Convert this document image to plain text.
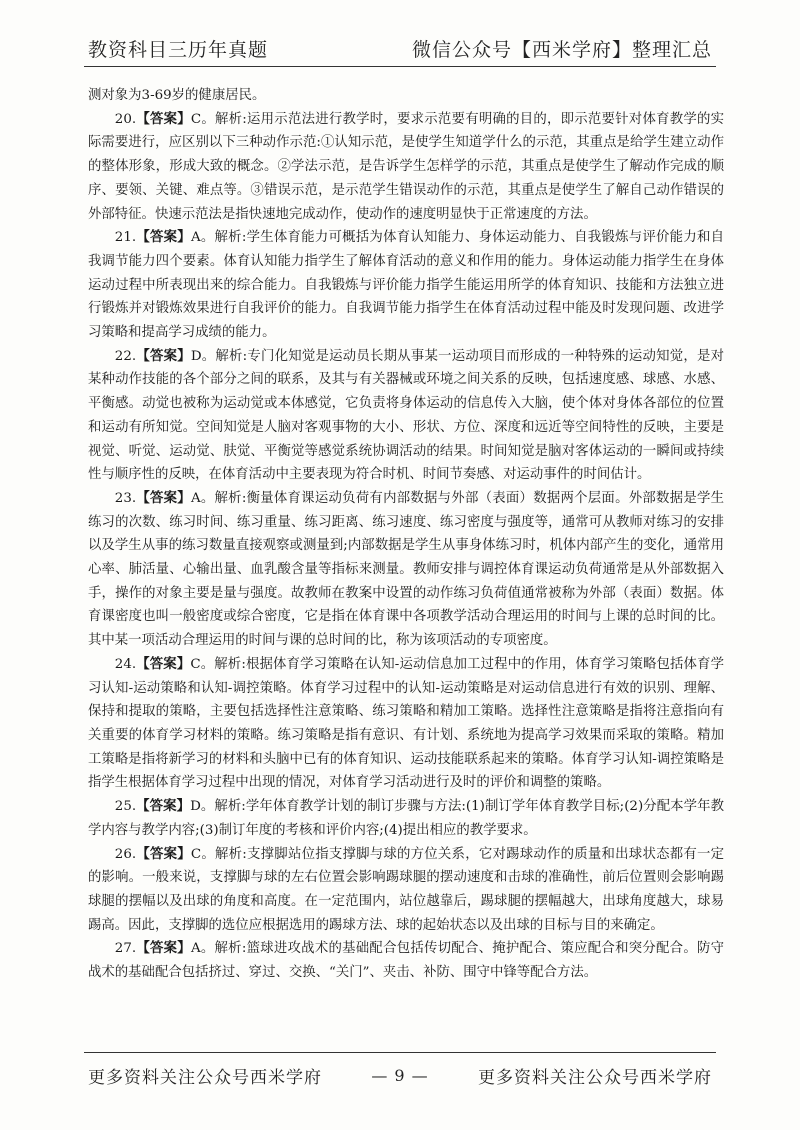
教资科目三历年真题	微信公众号【西米学府】整理汇总

测对象为3-69岁的健康居民。

20.【答案】C。解析:运用示范法进行教学时，要求示范要有明确的目的，即示范要针对体育教学的实际需要进行，应区别以下三种动作示范:①认知示范，是使学生知道学什么的示范，其重点是给学生建立动作的整体形象，形成大致的概念。②学法示范，是告诉学生怎样学的示范，其重点是使学生了解动作完成的顺序、要领、关键、难点等。③错误示范，是示范学生错误动作的示范，其重点是使学生了解自己动作错误的外部特征。快速示范法是指快速地完成动作，使动作的速度明显快于正常速度的方法。

21.【答案】A。解析:学生体育能力可概括为体育认知能力、身体运动能力、自我锻炼与评价能力和自我调节能力四个要素。体育认知能力指学生了解体育活动的意义和作用的能力。身体运动能力指学生在身体运动过程中所表现出来的综合能力。自我锻炼与评价能力指学生能运用所学的体育知识、技能和方法独立进行锻炼并对锻炼效果进行自我评价的能力。自我调节能力指学生在体育活动过程中能及时发现问题、改进学习策略和提高学习成绩的能力。

22.【答案】D。解析:专门化知觉是运动员长期从事某一运动项目而形成的一种特殊的运动知觉，是对某种动作技能的各个部分之间的联系，及其与有关器械或环境之间关系的反映，包括速度感、球感、水感、平衡感。动觉也被称为运动觉或本体感觉，它负责将身体运动的信息传入大脑，使个体对身体各部位的位置和运动有所知觉。空间知觉是人脑对客观事物的大小、形状、方位、深度和远近等空间特性的反映，主要是视觉、听觉、运动觉、肤觉、平衡觉等感觉系统协调活动的结果。时间知觉是脑对客体运动的一瞬间或持续性与顺序性的反映，在体育活动中主要表现为符合时机、时间节奏感、对运动事件的时间估计。

23.【答案】A。解析:衡量体育课运动负荷有内部数据与外部（表面）数据两个层面。外部数据是学生练习的次数、练习时间、练习重量、练习距离、练习速度、练习密度与强度等，通常可从教师对练习的安排以及学生从事的练习数量直接观察或测量到;内部数据是学生从事身体练习时，机体内部产生的变化，通常用心率、肺活量、心输出量、血乳酸含量等指标来测量。教师安排与调控体育课运动负荷通常是从外部数据入手，操作的对象主要是量与强度。故教师在教案中设置的动作练习负荷值通常被称为外部（表面）数据。体育课密度也叫一般密度或综合密度，它是指在体育课中各项教学活动合理运用的时间与上课的总时间的比。其中某一项活动合理运用的时间与课的总时间的比，称为该项活动的专项密度。

24.【答案】C。解析:根据体育学习策略在认知-运动信息加工过程中的作用，体育学习策略包括体育学习认知-运动策略和认知-调控策略。体育学习过程中的认知-运动策略是对运动信息进行有效的识别、理解、保持和提取的策略，主要包括选择性注意策略、练习策略和精加工策略。选择性注意策略是指将注意指向有关重要的体育学习材料的策略。练习策略是指有意识、有计划、系统地为提高学习效果而采取的策略。精加工策略是指将新学习的材料和头脑中已有的体育知识、运动技能联系起来的策略。体育学习认知-调控策略是指学生根据体育学习过程中出现的情况，对体育学习活动进行及时的评价和调整的策略。

25.【答案】D。解析:学年体育教学计划的制订步骤与方法:(1)制订学年体育教学目标;(2)分配本学年教学内容与教学内容;(3)制订年度的考核和评价内容;(4)提出相应的教学要求。

26.【答案】C。解析:支撑脚站位指支撑脚与球的方位关系，它对踢球动作的质量和出球状态都有一定的影响。一般来说，支撑脚与球的左右位置会影响踢球腿的摆动速度和击球的准确性，前后位置则会影响踢球腿的摆幅以及出球的角度和高度。在一定范围内，站位越靠后，踢球腿的摆幅越大，出球角度越大，球易踢高。因此，支撑脚的选位应根据选用的踢球方法、球的起始状态以及出球的目标与目的来确定。

27.【答案】A。解析:篮球进攻战术的基础配合包括传切配合、掩护配合、策应配合和突分配合。防守战术的基础配合包括挤过、穿过、交换、“关门”、夹击、补防、围守中锋等配合方法。

更多资料关注公众号西米学府	— 9 —	更多资料关注公众号西米学府
